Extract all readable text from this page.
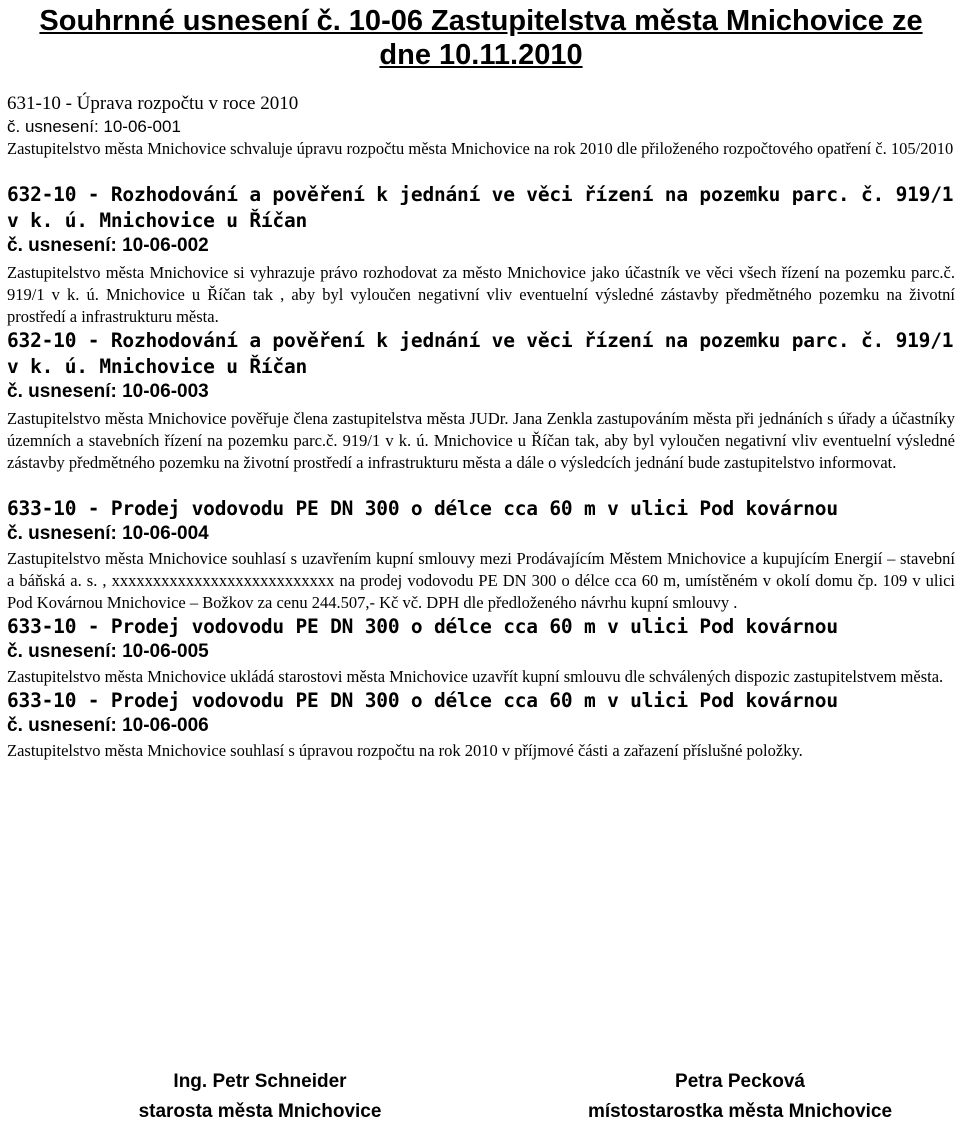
Souhrnné usnesení č. 10-06 Zastupitelstva města Mnichovice ze
dne 10.11.2010

631-10 - Úprava rozpočtu v roce 2010

č. usnesení: 10-06-001

Zastupitelstvo města Mnichovice schvaluje úpravu rozpočtu města Mnichovice na rok 2010 dle přiloženého rozpočtového opatření č. 105/2010

632-10 - Rozhodování a pověření k jednání ve věci řízení na pozemku parc. č. 919/1 v k. ú. Mnichovice u Říčan

č. usnesení: 10-06-002

Zastupitelstvo města Mnichovice si vyhrazuje právo rozhodovat za město Mnichovice jako účastník ve věci všech řízení na pozemku parc.č. 919/1 v k. ú. Mnichovice u Říčan tak , aby byl vyloučen negativní vliv eventuelní výsledné zástavby předmětného pozemku na životní prostředí a infrastrukturu města.

632-10 - Rozhodování a pověření k jednání ve věci řízení na pozemku parc. č. 919/1 v k. ú. Mnichovice u Říčan

č. usnesení: 10-06-003

Zastupitelstvo města Mnichovice pověřuje člena zastupitelstva města JUDr. Jana Zenkla zastupováním města při jednáních s úřady a účastníky územních a stavebních řízení na pozemku parc.č. 919/1 v k. ú. Mnichovice u Říčan tak, aby byl vyloučen negativní vliv eventuelní výsledné zástavby předmětného pozemku na životní prostředí a infrastrukturu města a dále o výsledcích jednání bude zastupitelstvo informovat.

633-10 - Prodej vodovodu PE DN 300 o délce cca 60 m v ulici Pod kovárnou

č. usnesení: 10-06-004

Zastupitelstvo města Mnichovice souhlasí s uzavřením kupní smlouvy mezi Prodávajícím Městem Mnichovice a kupujícím Energií – stavební a báňská a. s. , xxxxxxxxxxxxxxxxxxxxxxxxxxx na prodej vodovodu PE DN 300 o délce cca 60 m, umístěném v okolí domu čp. 109 v ulici Pod Kovárnou Mnichovice – Božkov za cenu 244.507,- Kč vč. DPH dle předloženého návrhu kupní smlouvy .

633-10 - Prodej vodovodu PE DN 300 o délce cca 60 m v ulici Pod kovárnou

č. usnesení: 10-06-005

Zastupitelstvo města Mnichovice ukládá starostovi města Mnichovice uzavřít kupní smlouvu dle schválených dispozic zastupitelstvem města.

633-10 - Prodej vodovodu PE DN 300 o délce cca 60 m v ulici Pod kovárnou

č. usnesení: 10-06-006

Zastupitelstvo města Mnichovice souhlasí s úpravou rozpočtu na rok 2010 v příjmové části a zařazení příslušné položky.

Ing. Petr Schneider
starosta města Mnichovice
Petra Pecková
místostarostka města Mnichovice
